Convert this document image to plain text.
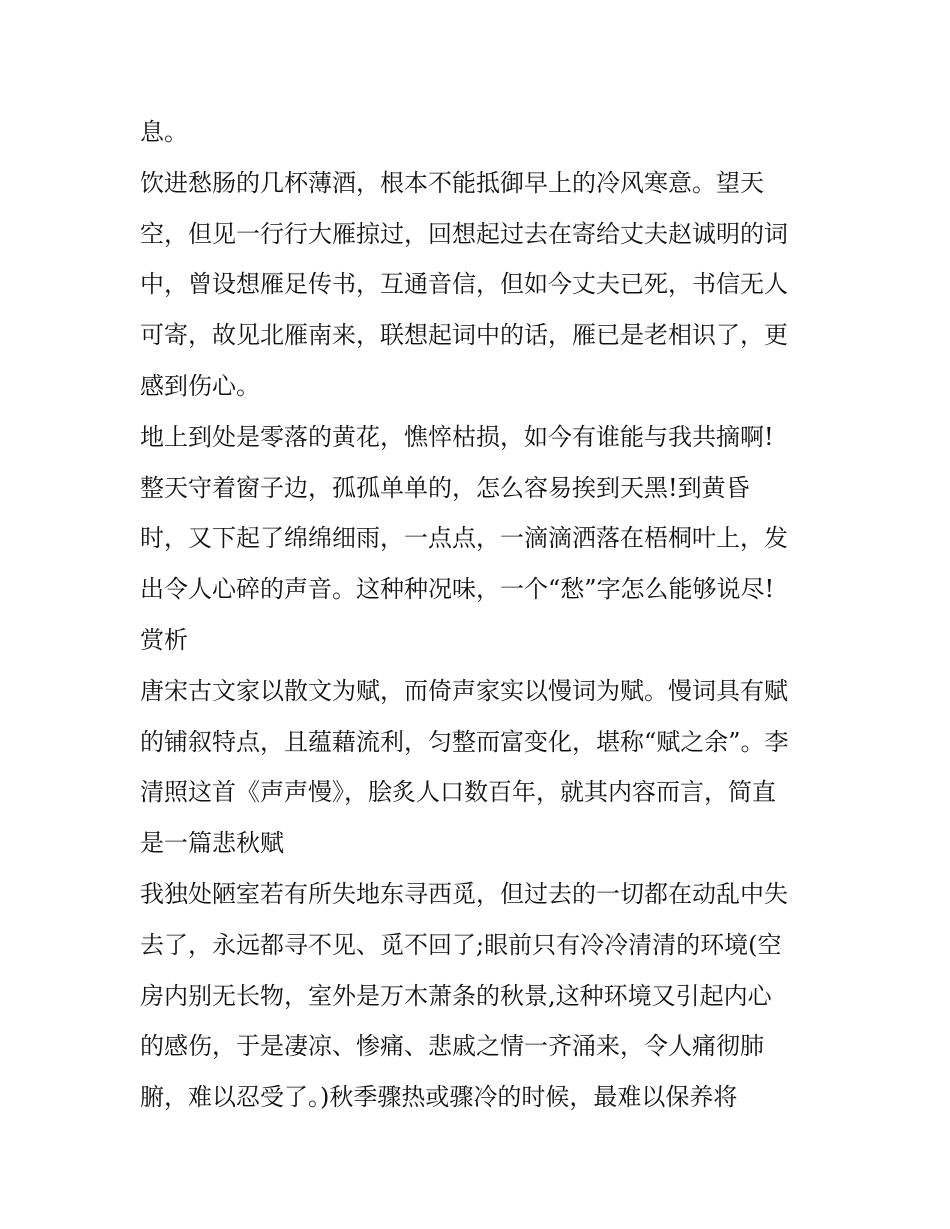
息。
饮进愁肠的几杯薄酒，根本不能抵御早上的冷风寒意。望天
空，但见一行行大雁掠过，回想起过去在寄给丈夫赵诚明的词
中，曾设想雁足传书，互通音信，但如今丈夫已死，书信无人
可寄，故见北雁南来，联想起词中的话，雁已是老相识了，更
感到伤心。
地上到处是零落的黄花，憔悴枯损，如今有谁能与我共摘啊!
整天守着窗子边，孤孤单单的，怎么容易挨到天黑!到黄昏
时，又下起了绵绵细雨，一点点，一滴滴洒落在梧桐叶上，发
出令人心碎的声音。这种种况味，一个“愁”字怎么能够说尽!
赏析
唐宋古文家以散文为赋，而倚声家实以慢词为赋。慢词具有赋
的铺叙特点，且蕴藉流利，匀整而富变化，堪称“赋之余”。李
清照这首《声声慢》，脍炙人口数百年，就其内容而言，简直
是一篇悲秋赋
我独处陋室若有所失地东寻西觅，但过去的一切都在动乱中失
去了，永远都寻不见、觅不回了;眼前只有冷冷清清的环境(空
房内别无长物，室外是万木萧条的秋景,这种环境又引起内心
的感伤，于是凄凉、惨痛、悲戚之情一齐涌来，令人痛彻肺
腑，难以忍受了。)秋季骤热或骤冷的时候，最难以保养将
